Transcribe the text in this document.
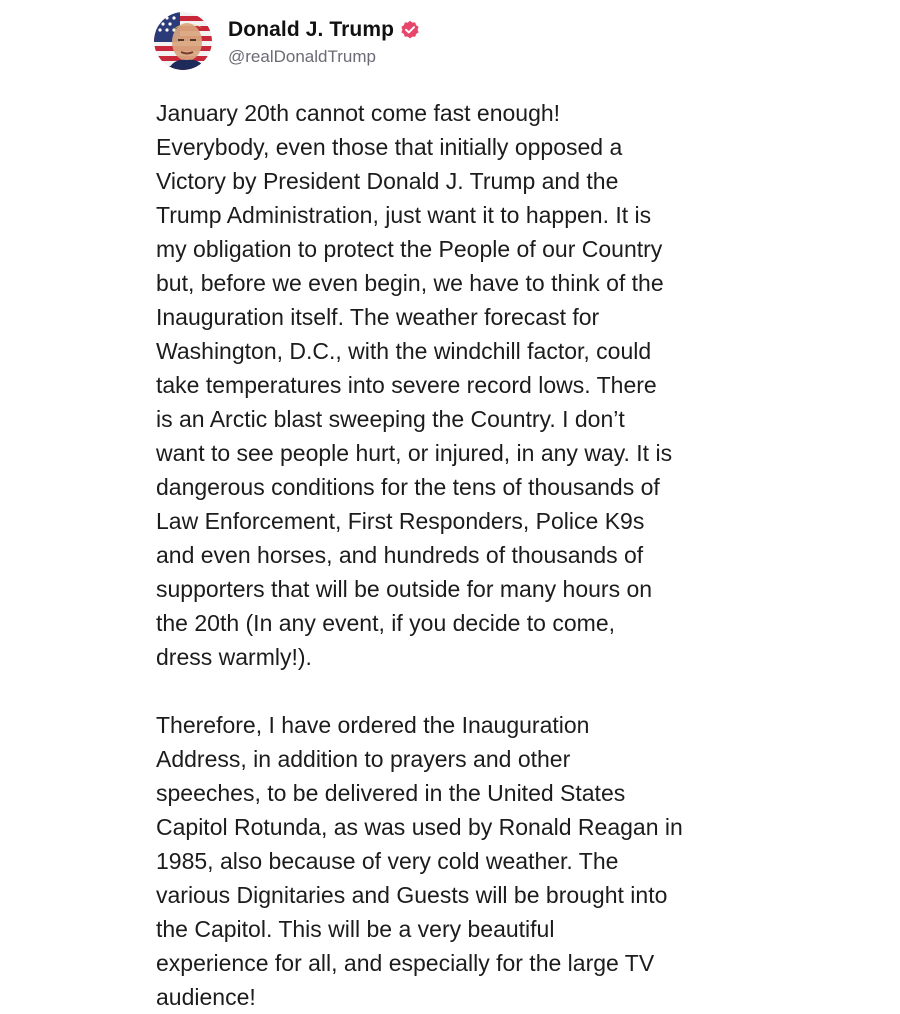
Donald J. Trump
@realDonaldTrump

January 20th cannot come fast enough!
Everybody, even those that initially opposed a
Victory by President Donald J. Trump and the
Trump Administration, just want it to happen. It is
my obligation to protect the People of our Country
but, before we even begin, we have to think of the
Inauguration itself. The weather forecast for
Washington, D.C., with the windchill factor, could
take temperatures into severe record lows. There
is an Arctic blast sweeping the Country. I don’t
want to see people hurt, or injured, in any way. It is
dangerous conditions for the tens of thousands of
Law Enforcement, First Responders, Police K9s
and even horses, and hundreds of thousands of
supporters that will be outside for many hours on
the 20th (In any event, if you decide to come,
dress warmly!).

Therefore, I have ordered the Inauguration
Address, in addition to prayers and other
speeches, to be delivered in the United States
Capitol Rotunda, as was used by Ronald Reagan in
1985, also because of very cold weather. The
various Dignitaries and Guests will be brought into
the Capitol. This will be a very beautiful
experience for all, and especially for the large TV
audience!
